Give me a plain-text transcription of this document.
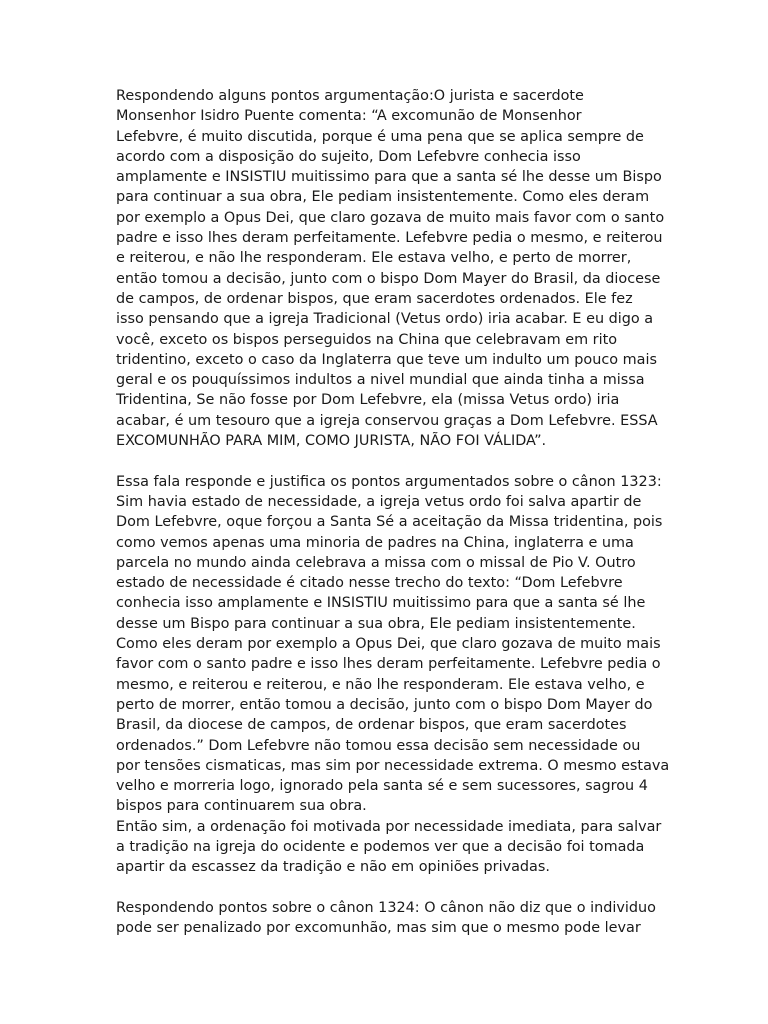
Respondendo alguns pontos argumentação:O jurista e sacerdote
Monsenhor Isidro Puente comenta: “A excomunão de Monsenhor
Lefebvre, é muito discutida, porque é uma pena que se aplica sempre de
acordo com a disposição do sujeito, Dom Lefebvre conhecia isso
amplamente e INSISTIU muitissimo para que a santa sé lhe desse um Bispo
para continuar a sua obra, Ele pediam insistentemente. Como eles deram
por exemplo a Opus Dei, que claro gozava de muito mais favor com o santo
padre e isso lhes deram perfeitamente. Lefebvre pedia o mesmo, e reiterou
e reiterou, e não lhe responderam. Ele estava velho, e perto de morrer,
então tomou a decisão, junto com o bispo Dom Mayer do Brasil, da diocese
de campos, de ordenar bispos, que eram sacerdotes ordenados. Ele fez
isso pensando que a igreja Tradicional (Vetus ordo) iria acabar. E eu digo a
você, exceto os bispos perseguidos na China que celebravam em rito
tridentino, exceto o caso da Inglaterra que teve um indulto um pouco mais
geral e os pouquíssimos indultos a nivel mundial que ainda tinha a missa
Tridentina, Se não fosse por Dom Lefebvre, ela (missa Vetus ordo) iria
acabar, é um tesouro que a igreja conservou graças a Dom Lefebvre. ESSA
EXCOMUNHÃO PARA MIM, COMO JURISTA, NÃO FOI VÁLIDA”.
Essa fala responde e justifica os pontos argumentados sobre o cânon 1323:
Sim havia estado de necessidade, a igreja vetus ordo foi salva apartir de
Dom Lefebvre, oque forçou a Santa Sé a aceitação da Missa tridentina, pois
como vemos apenas uma minoria de padres na China, inglaterra e uma
parcela no mundo ainda celebrava a missa com o missal de Pio V. Outro
estado de necessidade é citado nesse trecho do texto: “Dom Lefebvre
conhecia isso amplamente e INSISTIU muitissimo para que a santa sé lhe
desse um Bispo para continuar a sua obra, Ele pediam insistentemente.
Como eles deram por exemplo a Opus Dei, que claro gozava de muito mais
favor com o santo padre e isso lhes deram perfeitamente. Lefebvre pedia o
mesmo, e reiterou e reiterou, e não lhe responderam. Ele estava velho, e
perto de morrer, então tomou a decisão, junto com o bispo Dom Mayer do
Brasil, da diocese de campos, de ordenar bispos, que eram sacerdotes
ordenados.” Dom Lefebvre não tomou essa decisão sem necessidade ou
por tensões cismaticas, mas sim por necessidade extrema. O mesmo estava
velho e morreria logo, ignorado pela santa sé e sem sucessores, sagrou 4
bispos para continuarem sua obra.
Então sim, a ordenação foi motivada por necessidade imediata, para salvar
a tradição na igreja do ocidente e podemos ver que a decisão foi tomada
apartir da escassez da tradição e não em opiniões privadas.
Respondendo pontos sobre o cânon 1324: O cânon não diz que o individuo
pode ser penalizado por excomunhão, mas sim que o mesmo pode levar
